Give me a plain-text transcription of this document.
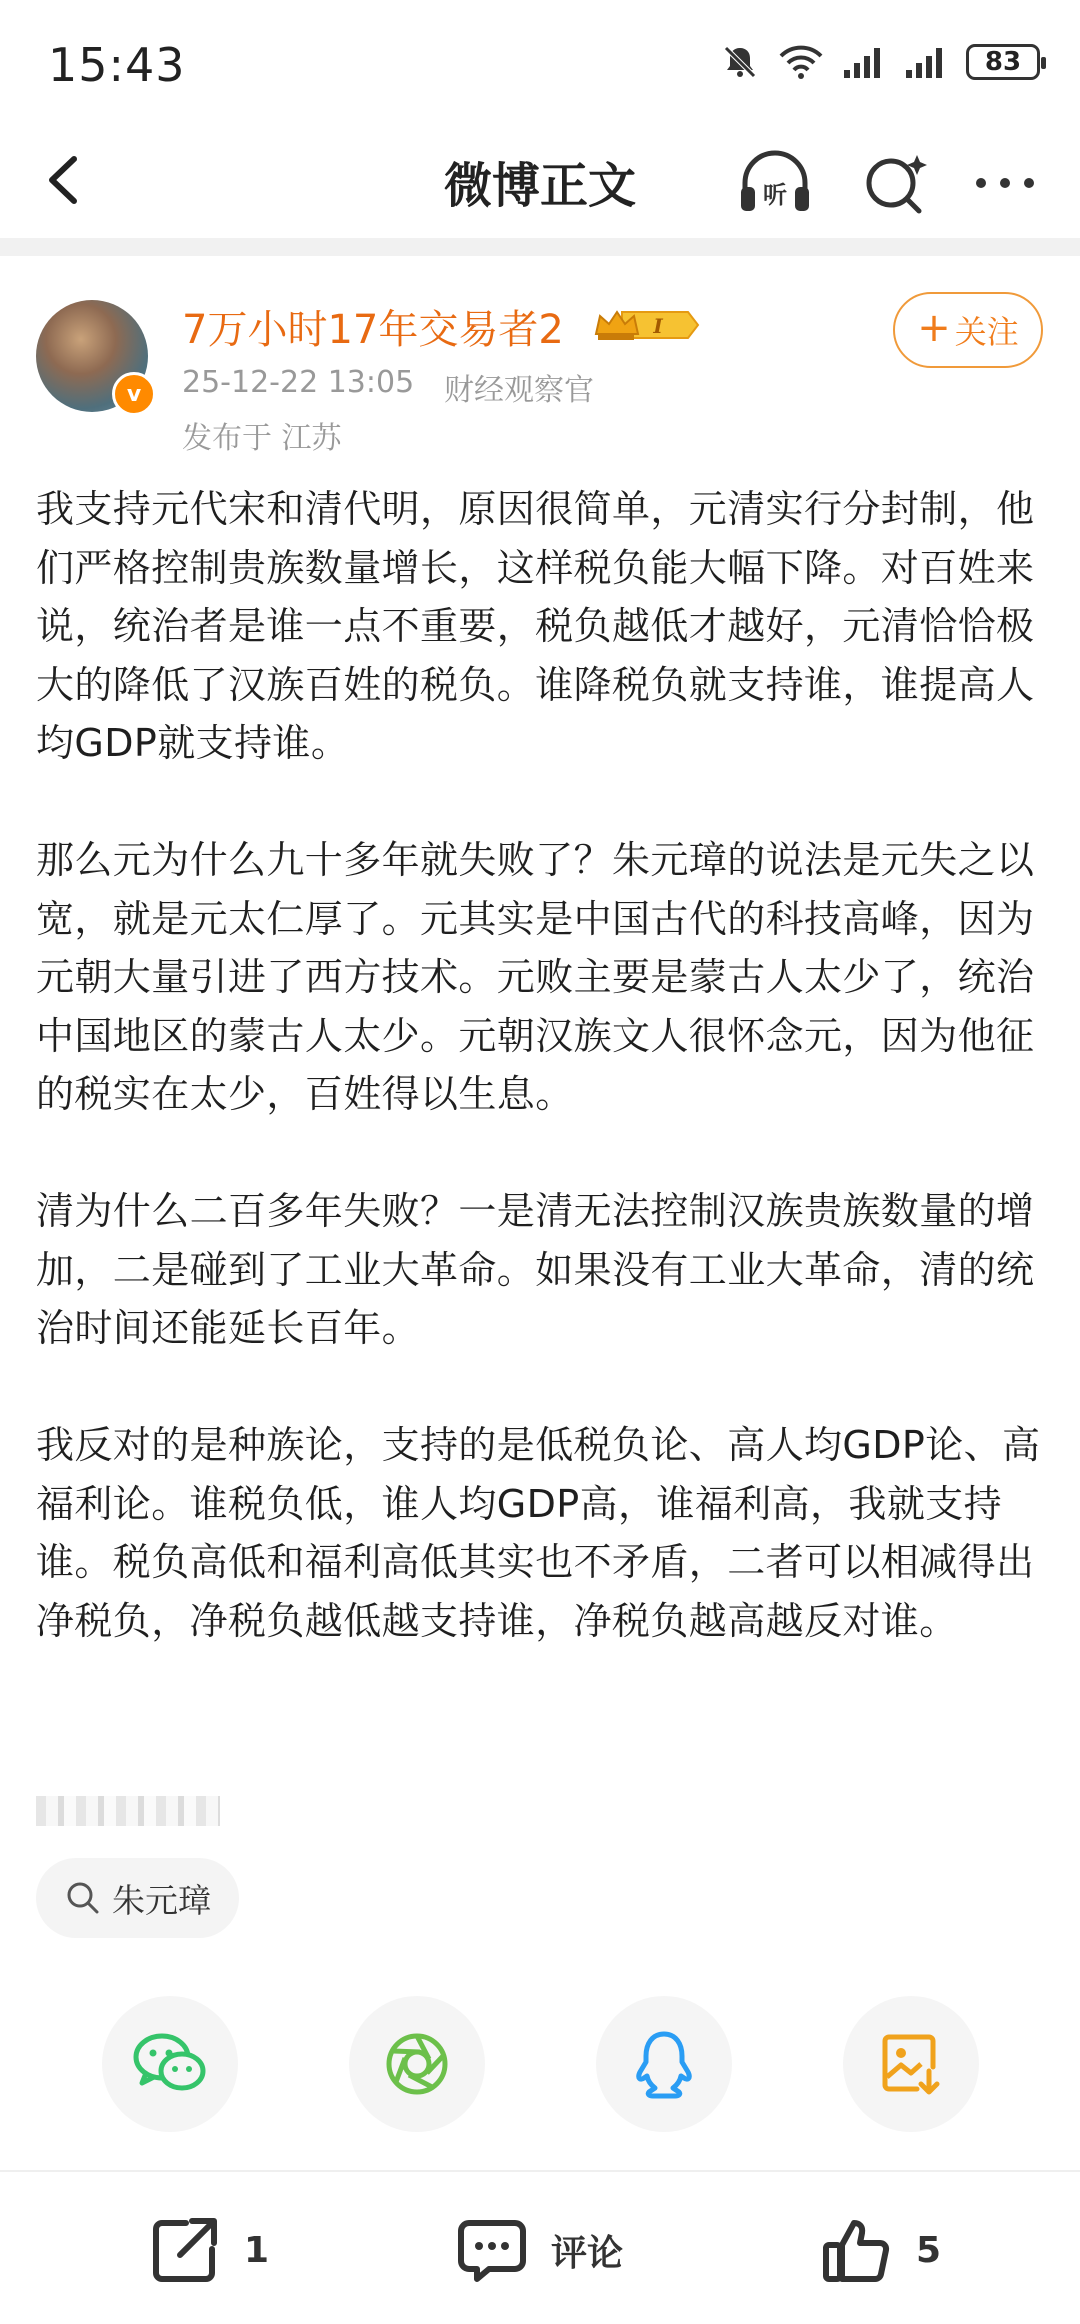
15:43	83
微博正文	听
v
7万小时17年交易者2	I
25-12-22 13:05 财经观察官
发布于 江苏
+ 关注

我支持元代宋和清代明，原因很简单，元清实行分封制，他们严格控制贵族数量增长，这样税负能大幅下降。对百姓来说，统治者是谁一点不重要，税负越低才越好，元清恰恰极大的降低了汉族百姓的税负。谁降税负就支持谁，谁提高人均GDP就支持谁。

那么元为什么九十多年就失败了？朱元璋的说法是元失之以宽，就是元太仁厚了。元其实是中国古代的科技高峰，因为元朝大量引进了西方技术。元败主要是蒙古人太少了，统治中国地区的蒙古人太少。元朝汉族文人很怀念元，因为他征的税实在太少，百姓得以生息。

清为什么二百多年失败？一是清无法控制汉族贵族数量的增加，二是碰到了工业大革命。如果没有工业大革命，清的统治时间还能延长百年。

我反对的是种族论，支持的是低税负论、高人均GDP论、高福利论。谁税负低，谁人均GDP高，谁福利高，我就支持谁。税负高低和福利高低其实也不矛盾，二者可以相减得出净税负，净税负越低越支持谁，净税负越高越反对谁。

朱元璋
1	评论	5
